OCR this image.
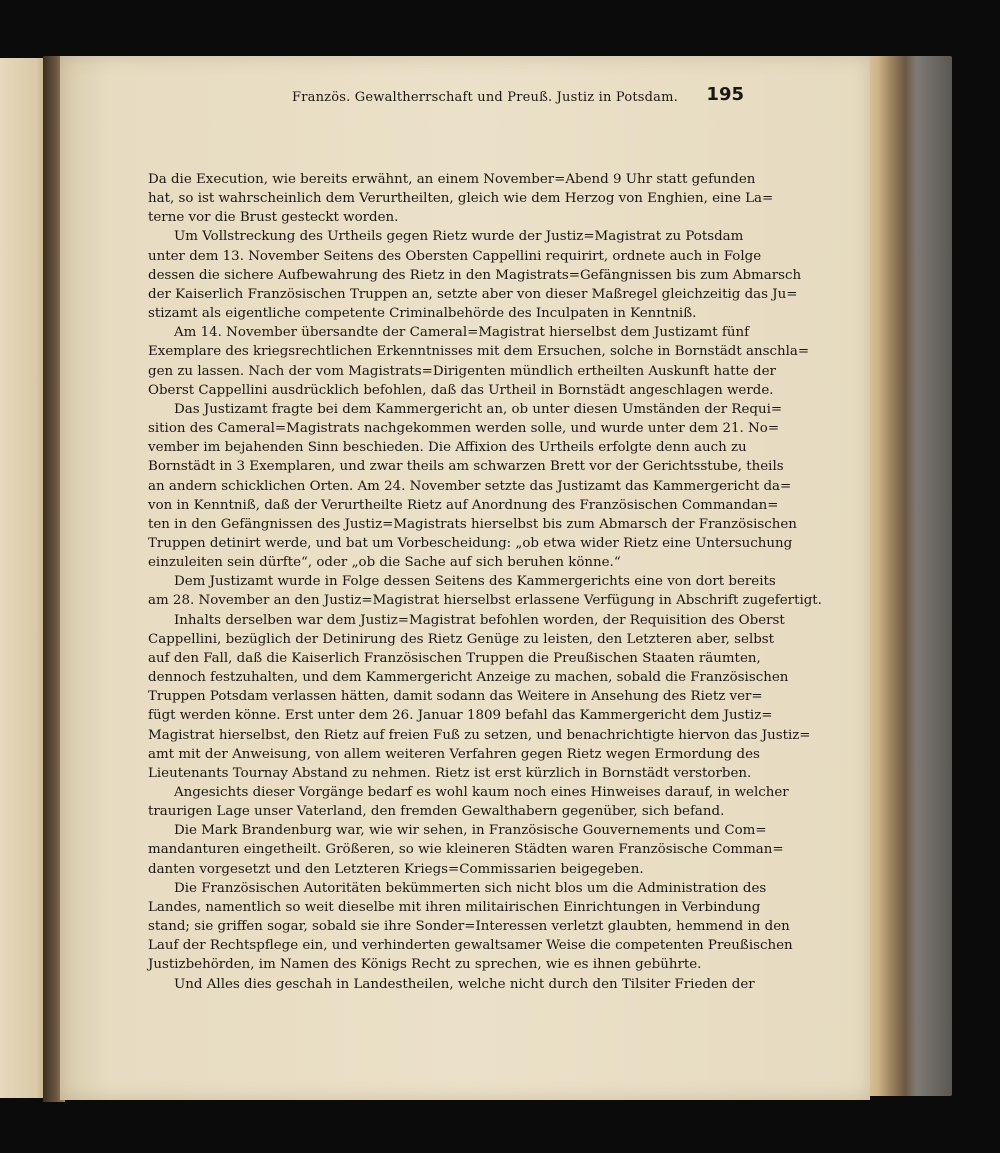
Französ. Gewaltherrschaft und Preuß. Justiz in Potsdam. 195
Da die Execution, wie bereits erwähnt, an einem November=Abend 9 Uhr statt gefunden
hat, so ist wahrscheinlich dem Verurtheilten, gleich wie dem Herzog von Enghien, eine La=
terne vor die Brust gesteckt worden.
Um Vollstreckung des Urtheils gegen Rietz wurde der Justiz=Magistrat zu Potsdam
unter dem 13. November Seitens des Obersten Cappellini requirirt, ordnete auch in Folge
dessen die sichere Aufbewahrung des Rietz in den Magistrats=Gefängnissen bis zum Abmarsch
der Kaiserlich Französischen Truppen an, setzte aber von dieser Maßregel gleichzeitig das Ju=
stizamt als eigentliche competente Criminalbehörde des Inculpaten in Kenntniß.
Am 14. November übersandte der Cameral=Magistrat hierselbst dem Justizamt fünf
Exemplare des kriegsrechtlichen Erkenntnisses mit dem Ersuchen, solche in Bornstädt anschla=
gen zu lassen. Nach der vom Magistrats=Dirigenten mündlich ertheilten Auskunft hatte der
Oberst Cappellini ausdrücklich befohlen, daß das Urtheil in Bornstädt angeschlagen werde.
Das Justizamt fragte bei dem Kammergericht an, ob unter diesen Umständen der Requi=
sition des Cameral=Magistrats nachgekommen werden solle, und wurde unter dem 21. No=
vember im bejahenden Sinn beschieden. Die Affixion des Urtheils erfolgte denn auch zu
Bornstädt in 3 Exemplaren, und zwar theils am schwarzen Brett vor der Gerichtsstube, theils
an andern schicklichen Orten. Am 24. November setzte das Justizamt das Kammergericht da=
von in Kenntniß, daß der Verurtheilte Rietz auf Anordnung des Französischen Commandan=
ten in den Gefängnissen des Justiz=Magistrats hierselbst bis zum Abmarsch der Französischen
Truppen detinirt werde, und bat um Vorbescheidung: „ob etwa wider Rietz eine Untersuchung
einzuleiten sein dürfte“, oder „ob die Sache auf sich beruhen könne.“
Dem Justizamt wurde in Folge dessen Seitens des Kammergerichts eine von dort bereits
am 28. November an den Justiz=Magistrat hierselbst erlassene Verfügung in Abschrift zugefertigt.
Inhalts derselben war dem Justiz=Magistrat befohlen worden, der Requisition des Oberst
Cappellini, bezüglich der Detinirung des Rietz Genüge zu leisten, den Letzteren aber, selbst
auf den Fall, daß die Kaiserlich Französischen Truppen die Preußischen Staaten räumten,
dennoch festzuhalten, und dem Kammergericht Anzeige zu machen, sobald die Französischen
Truppen Potsdam verlassen hätten, damit sodann das Weitere in Ansehung des Rietz ver=
fügt werden könne. Erst unter dem 26. Januar 1809 befahl das Kammergericht dem Justiz=
Magistrat hierselbst, den Rietz auf freien Fuß zu setzen, und benachrichtigte hiervon das Justiz=
amt mit der Anweisung, von allem weiteren Verfahren gegen Rietz wegen Ermordung des
Lieutenants Tournay Abstand zu nehmen. Rietz ist erst kürzlich in Bornstädt verstorben.
Angesichts dieser Vorgänge bedarf es wohl kaum noch eines Hinweises darauf, in welcher
traurigen Lage unser Vaterland, den fremden Gewalthabern gegenüber, sich befand.
Die Mark Brandenburg war, wie wir sehen, in Französische Gouvernements und Com=
mandanturen eingetheilt. Größeren, so wie kleineren Städten waren Französische Comman=
danten vorgesetzt und den Letzteren Kriegs=Commissarien beigegeben.
Die Französischen Autoritäten bekümmerten sich nicht blos um die Administration des
Landes, namentlich so weit dieselbe mit ihren militairischen Einrichtungen in Verbindung
stand; sie griffen sogar, sobald sie ihre Sonder=Interessen verletzt glaubten, hemmend in den
Lauf der Rechtspflege ein, und verhinderten gewaltsamer Weise die competenten Preußischen
Justizbehörden, im Namen des Königs Recht zu sprechen, wie es ihnen gebührte.
Und Alles dies geschah in Landestheilen, welche nicht durch den Tilsiter Frieden der
